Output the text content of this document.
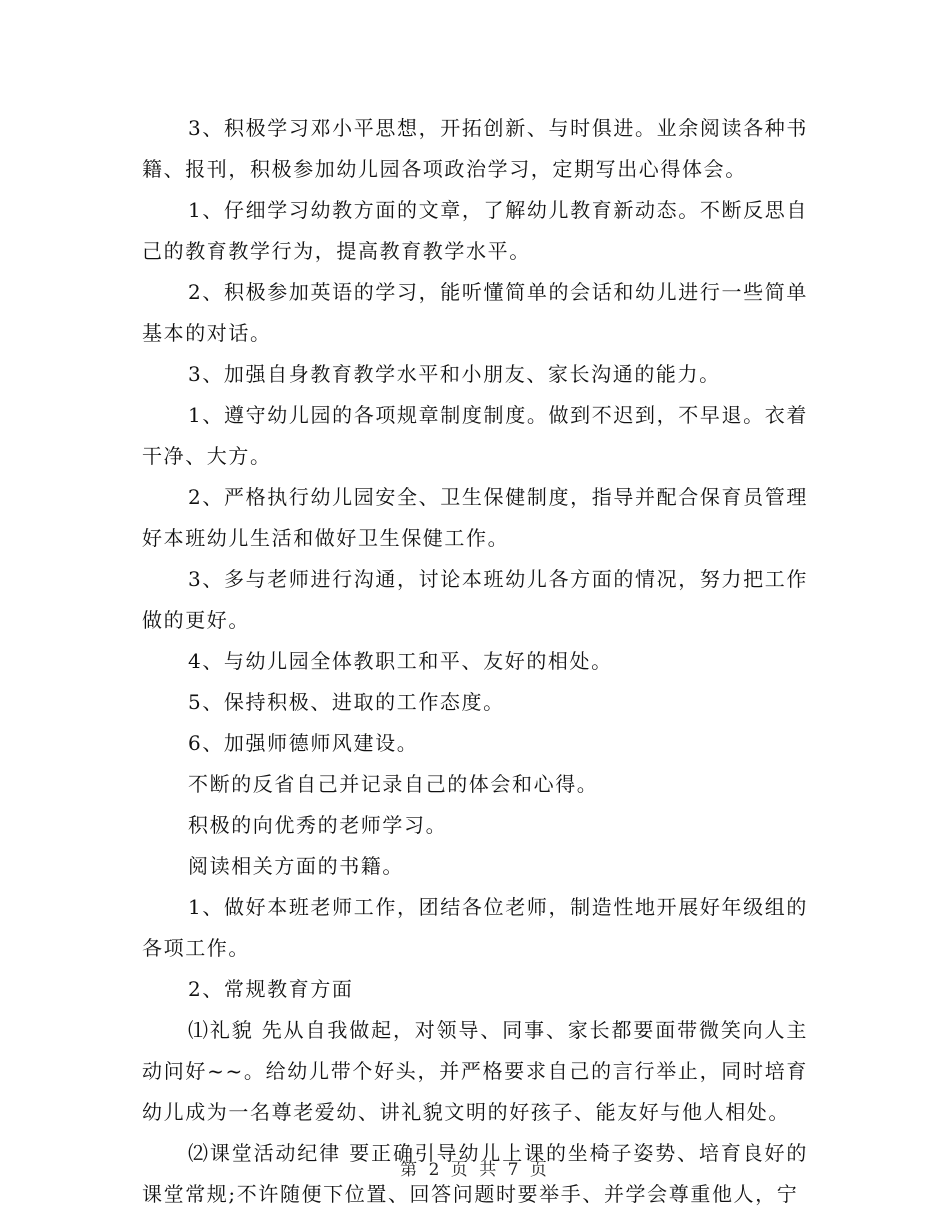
3、积极学习邓小平思想，开拓创新、与时俱进。业余阅读各种书籍、报刊，积极参加幼儿园各项政治学习，定期写出心得体会。

1、仔细学习幼教方面的文章，了解幼儿教育新动态。不断反思自己的教育教学行为，提高教育教学水平。

2、积极参加英语的学习，能听懂简单的会话和幼儿进行一些简单基本的对话。

3、加强自身教育教学水平和小朋友、家长沟通的能力。

1、遵守幼儿园的各项规章制度制度。做到不迟到，不早退。衣着干净、大方。

2、严格执行幼儿园安全、卫生保健制度，指导并配合保育员管理好本班幼儿生活和做好卫生保健工作。

3、多与老师进行沟通，讨论本班幼儿各方面的情况，努力把工作做的更好。

4、与幼儿园全体教职工和平、友好的相处。

5、保持积极、进取的工作态度。

6、加强师德师风建设。

不断的反省自己并记录自己的体会和心得。

积极的向优秀的老师学习。

阅读相关方面的书籍。

1、做好本班老师工作，团结各位老师，制造性地开展好年级组的各项工作。

2、常规教育方面

⑴礼貌 先从自我做起，对领导、同事、家长都要面带微笑向人主动问好~~。给幼儿带个好头，并严格要求自己的言行举止，同时培育幼儿成为一名尊老爱幼、讲礼貌文明的好孩子、能友好与他人相处。

⑵课堂活动纪律 要正确引导幼儿上课的坐椅子姿势、培育良好的课堂常规;不许随便下位置、回答问题时要举手、并学会尊重他人，宁

第 2 页 共 7 页
